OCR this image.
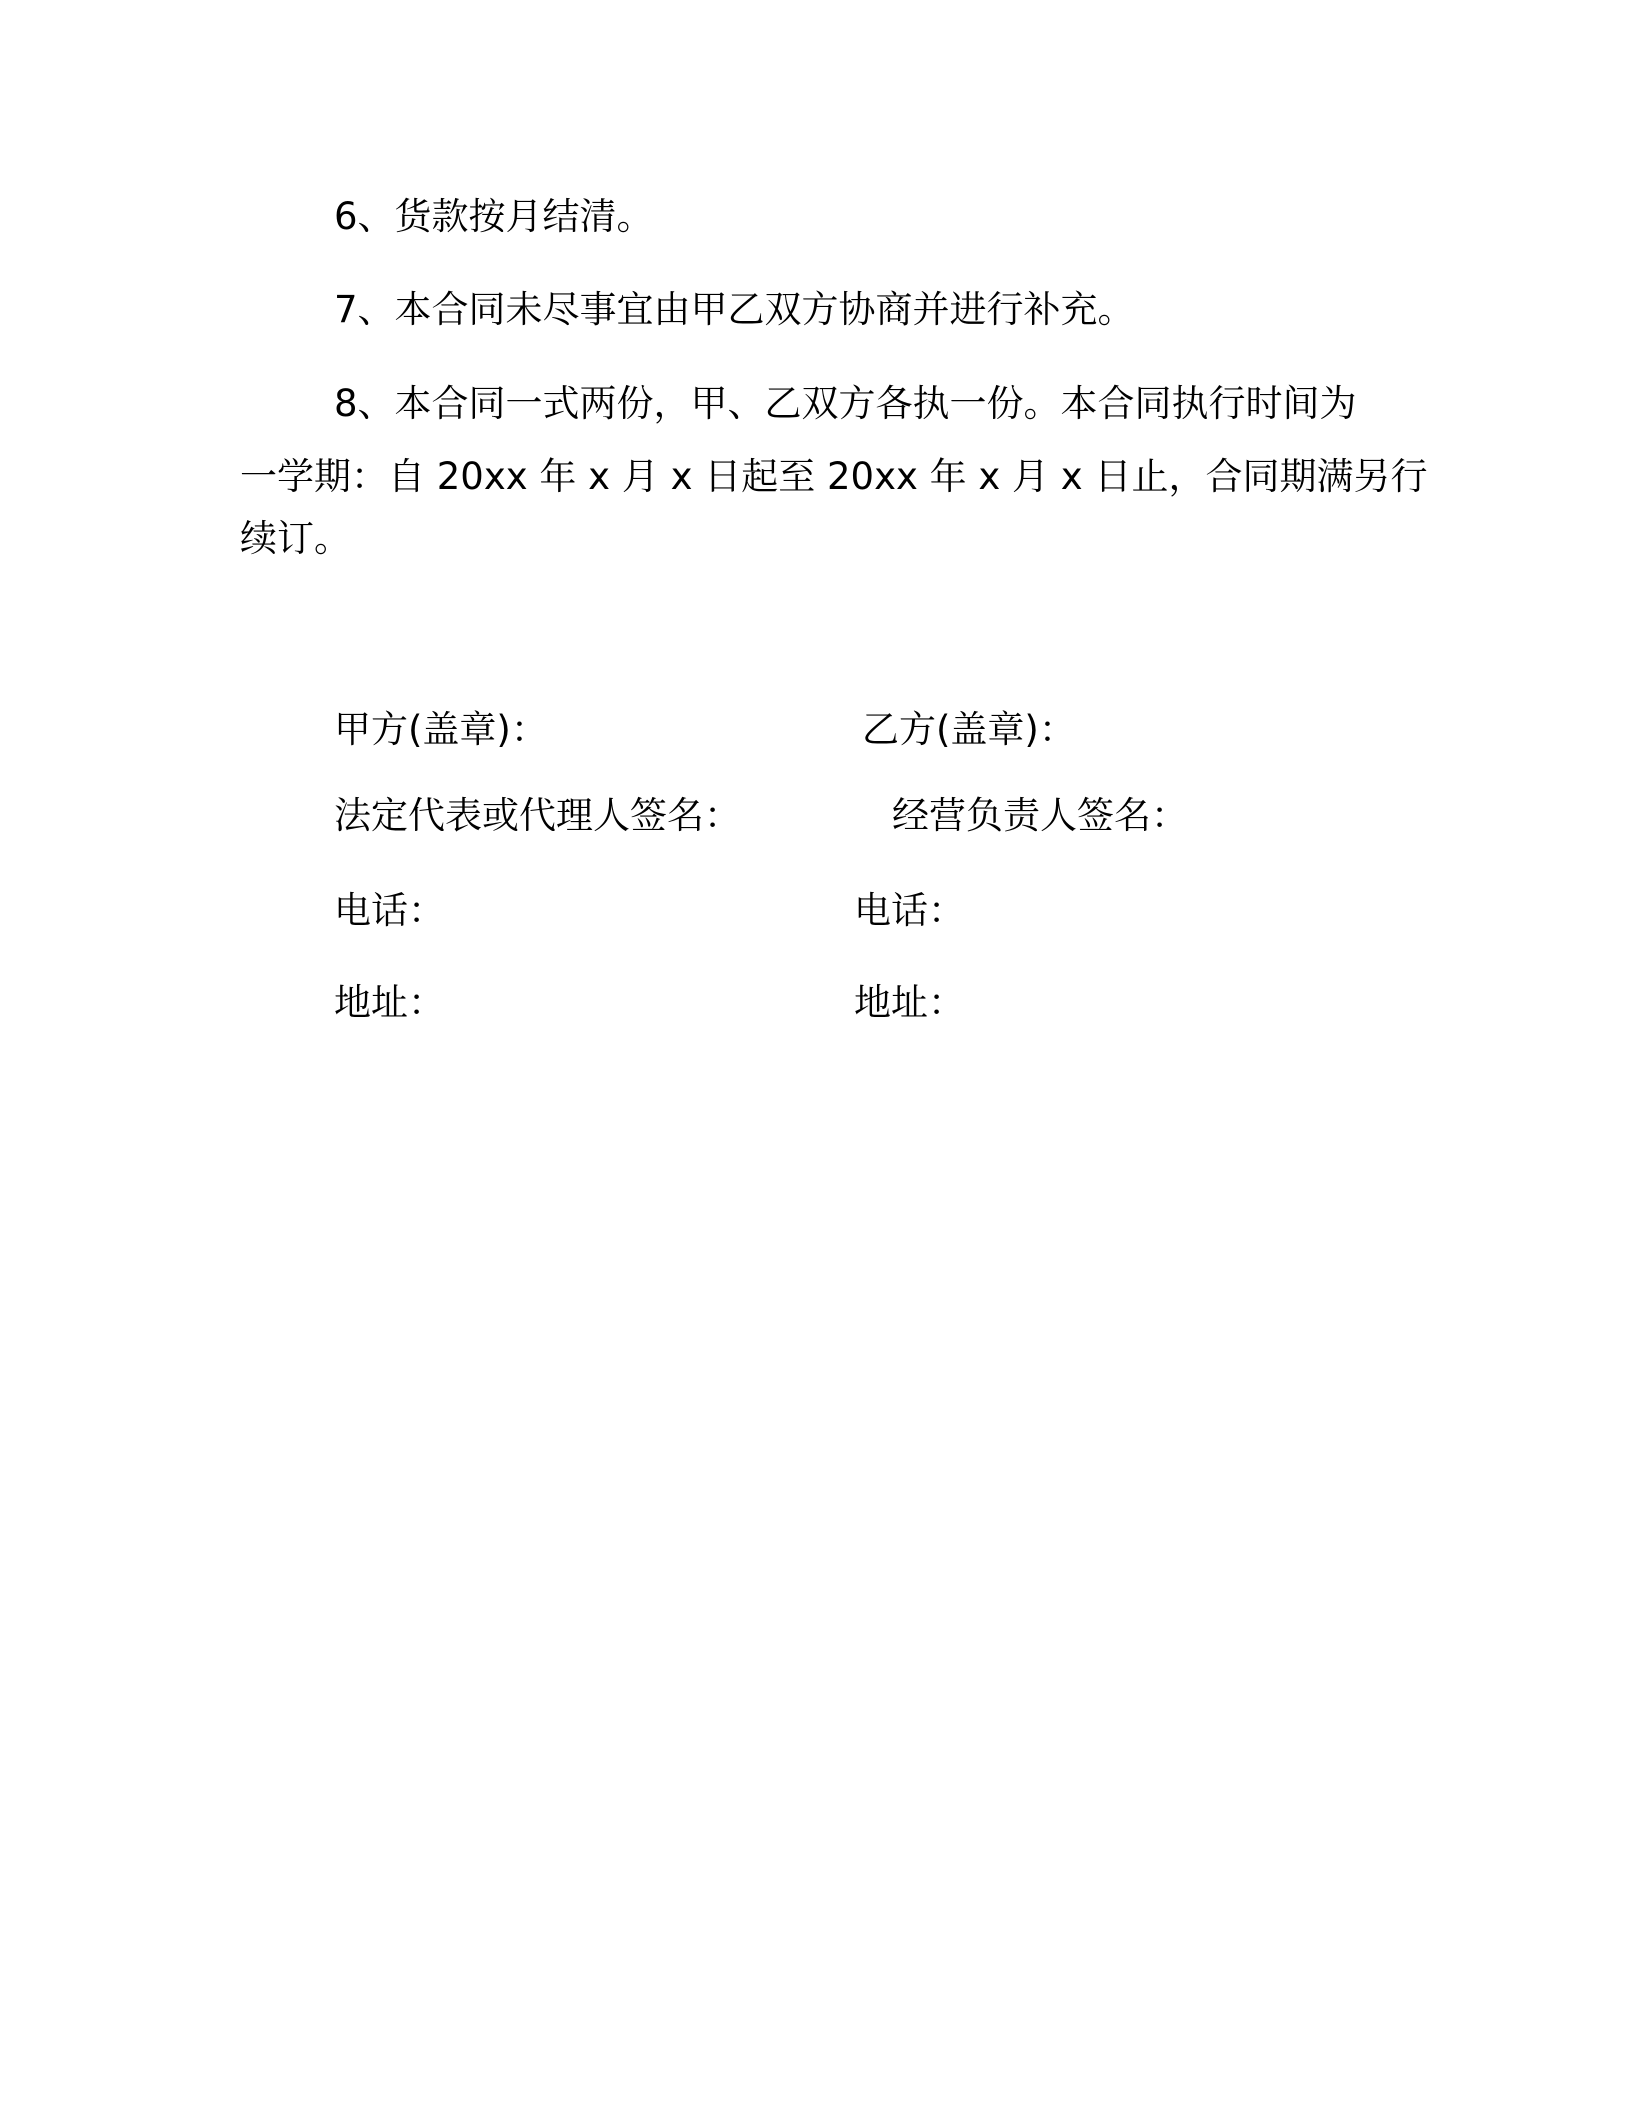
6、货款按月结清。
7、本合同未尽事宜由甲乙双方协商并进行补充。
8、本合同一式两份，甲、乙双方各执一份。本合同执行时间为
一学期：自 20xx 年 x 月 x 日起至 20xx 年 x 月 x 日止，合同期满另行
续订。
甲方(盖章)：	乙方(盖章)：
法定代表或代理人签名：	经营负责人签名：
电话：	电话：
地址：	地址：
